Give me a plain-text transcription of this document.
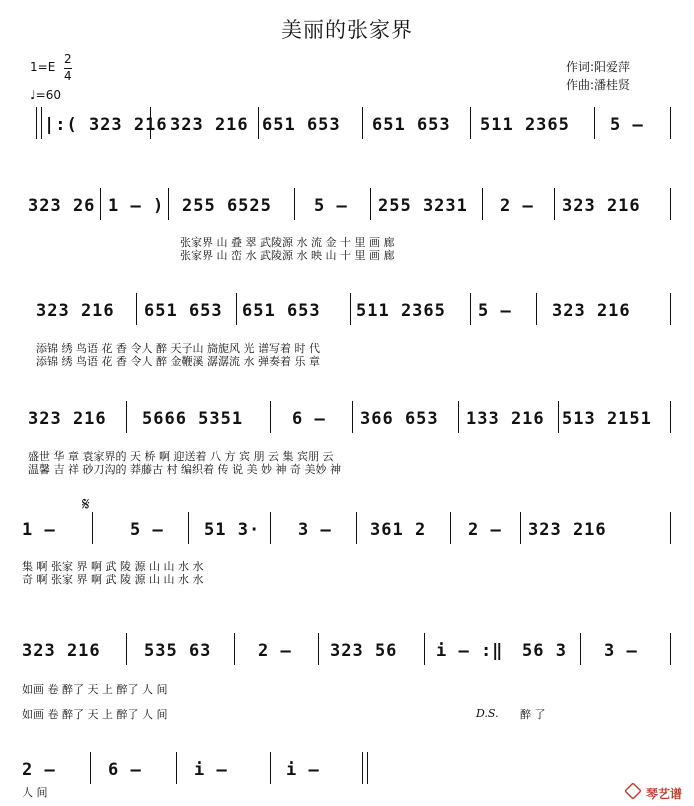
美丽的张家界
1=E
2
4
♩=60
作词:阳爱萍
作曲:潘桂贤
|:( 323 216 323 216 651 653 651 653 511 2365 5 –
323 26 1 – ) 255 6525 5 – 255 3231 2 – 323 216
张家界 山 叠 翠 武陵源 水 流 金 十 里 画 廊
张家界 山 峦 水 武陵源 水 映 山 十 里 画 廊
323 216 651 653 651 653 511 2365 5 – 323 216
添锦 绣 鸟语 花 香 令人 醉 天子山 旖旎风 光 谱写着 时 代
添锦 绣 鸟语 花 香 令人 醉 金鞭溪 潺潺流 水 弹奏着 乐 章
323 216 5666 5351	6 – 366 653 133 216 513 2151
盛世 华 章 袁家界的 天 桥 啊 迎送着 八 方 宾 朋 云 集 宾朋 云
温馨 吉 祥 砂刀沟的 莽藤古 村 编织着 传 说 美 妙 神 奇 美妙 神
𝄋
1 –	5 – 51 3· 3 – 361 2 2 – 323 216
集 啊 张家 界 啊 武 陵 源 山 山 水 水
奇 啊 张家 界 啊 武 陵 源 山 山 水 水
323 216	535 63	2 – 323 56 i – :‖ 56 3 3 –
如画 卷 醉了 天 上 醉了 人 间
如画 卷 醉了 天 上 醉了 人 间	D.S. 醉 了
2 –	6 –	i –	i –
人 间	琴艺谱
